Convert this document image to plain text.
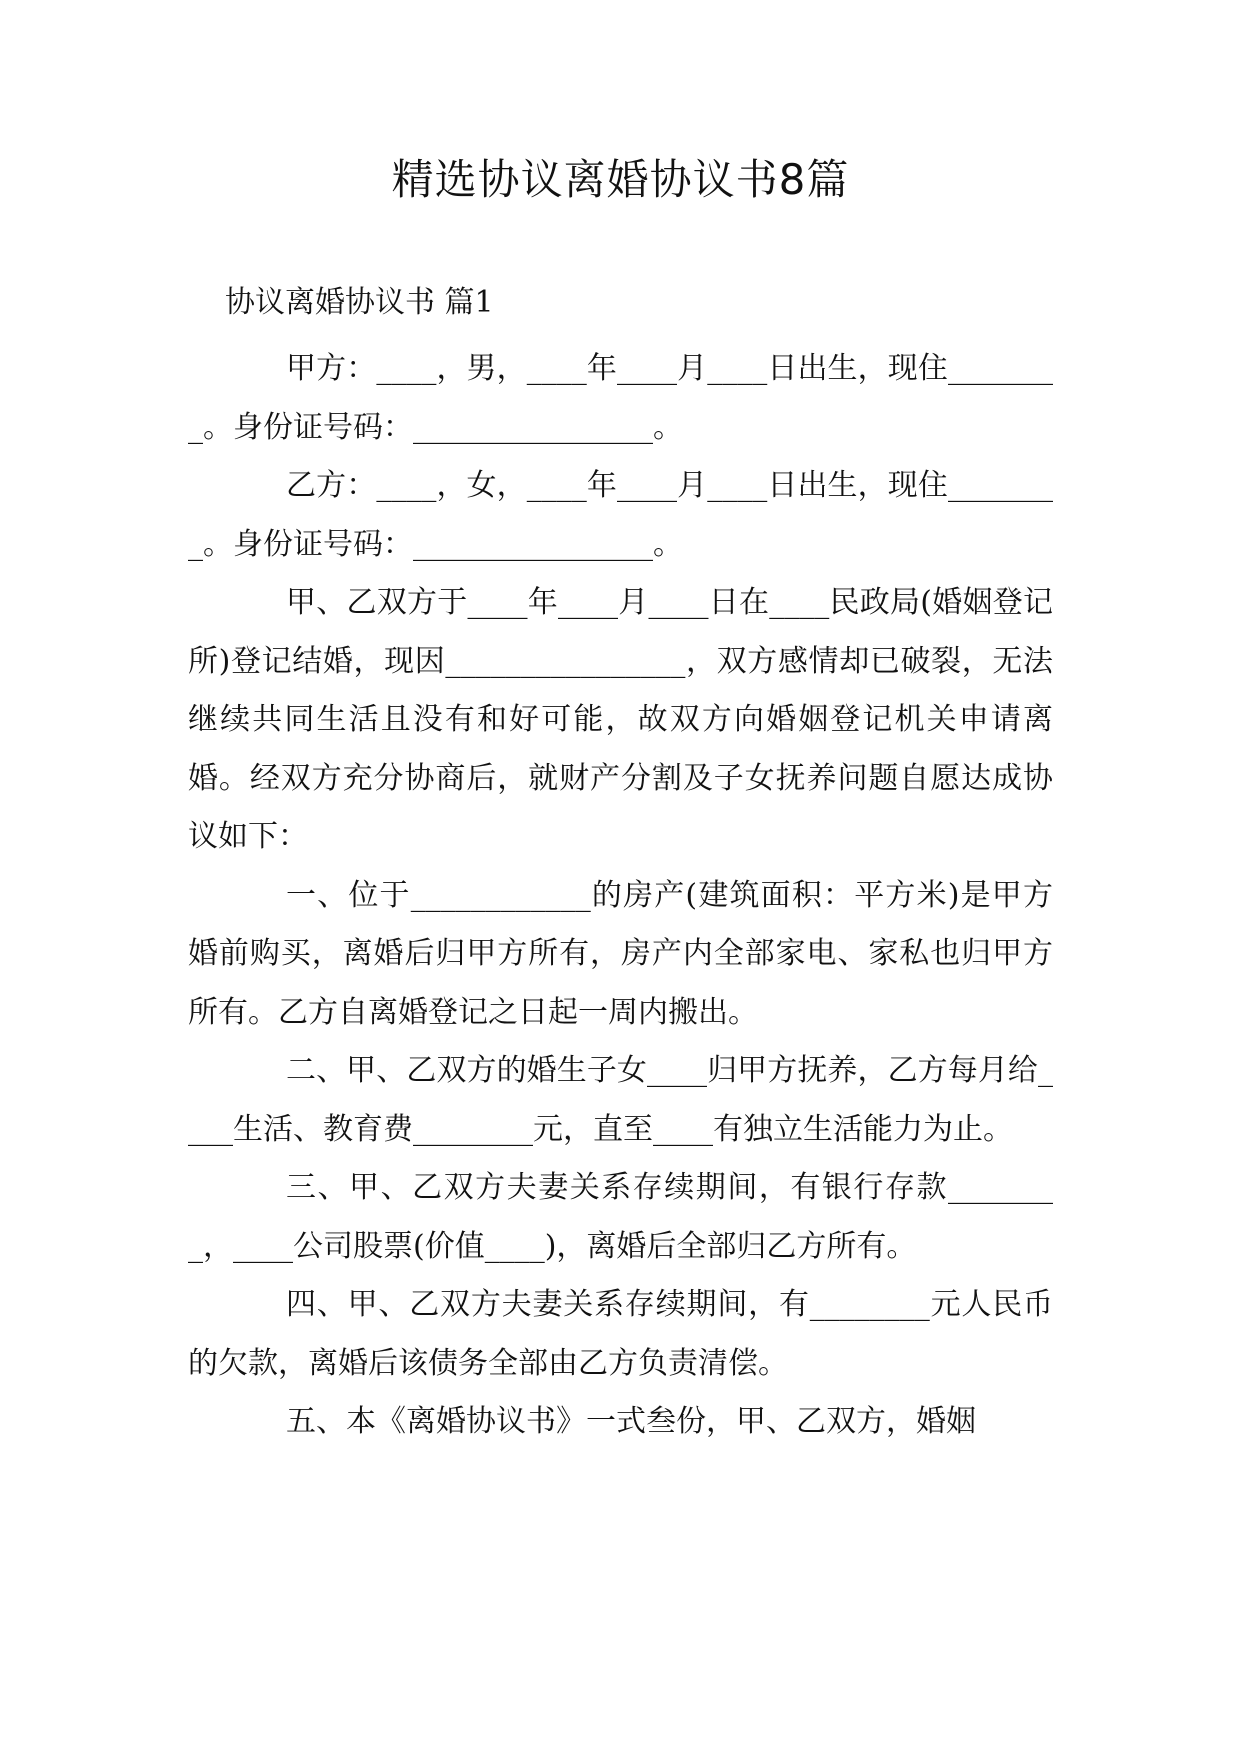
精选协议离婚协议书8篇
协议离婚协议书 篇1

甲方：____，男，____年____月____日出生，现住________。身份证号码：________________。

乙方：____，女，____年____月____日出生，现住________。身份证号码：________________。

甲、乙双方于____年____月____日在____民政局(婚姻登记所)登记结婚，现因________________，双方感情却已破裂，无法继续共同生活且没有和好可能，故双方向婚姻登记机关申请离婚。经双方充分协商后，就财产分割及子女抚养问题自愿达成协议如下：

一、位于____________的房产(建筑面积：平方米)是甲方婚前购买，离婚后归甲方所有，房产内全部家电、家私也归甲方所有。乙方自离婚登记之日起一周内搬出。

二、甲、乙双方的婚生子女____归甲方抚养，乙方每月给____生活、教育费________元，直至____有独立生活能力为止。

三、甲、乙双方夫妻关系存续期间，有银行存款________，____公司股票(价值____)，离婚后全部归乙方所有。

四、甲、乙双方夫妻关系存续期间，有________元人民币的欠款，离婚后该债务全部由乙方负责清偿。

五、本《离婚协议书》一式叁份，甲、乙双方，婚姻
